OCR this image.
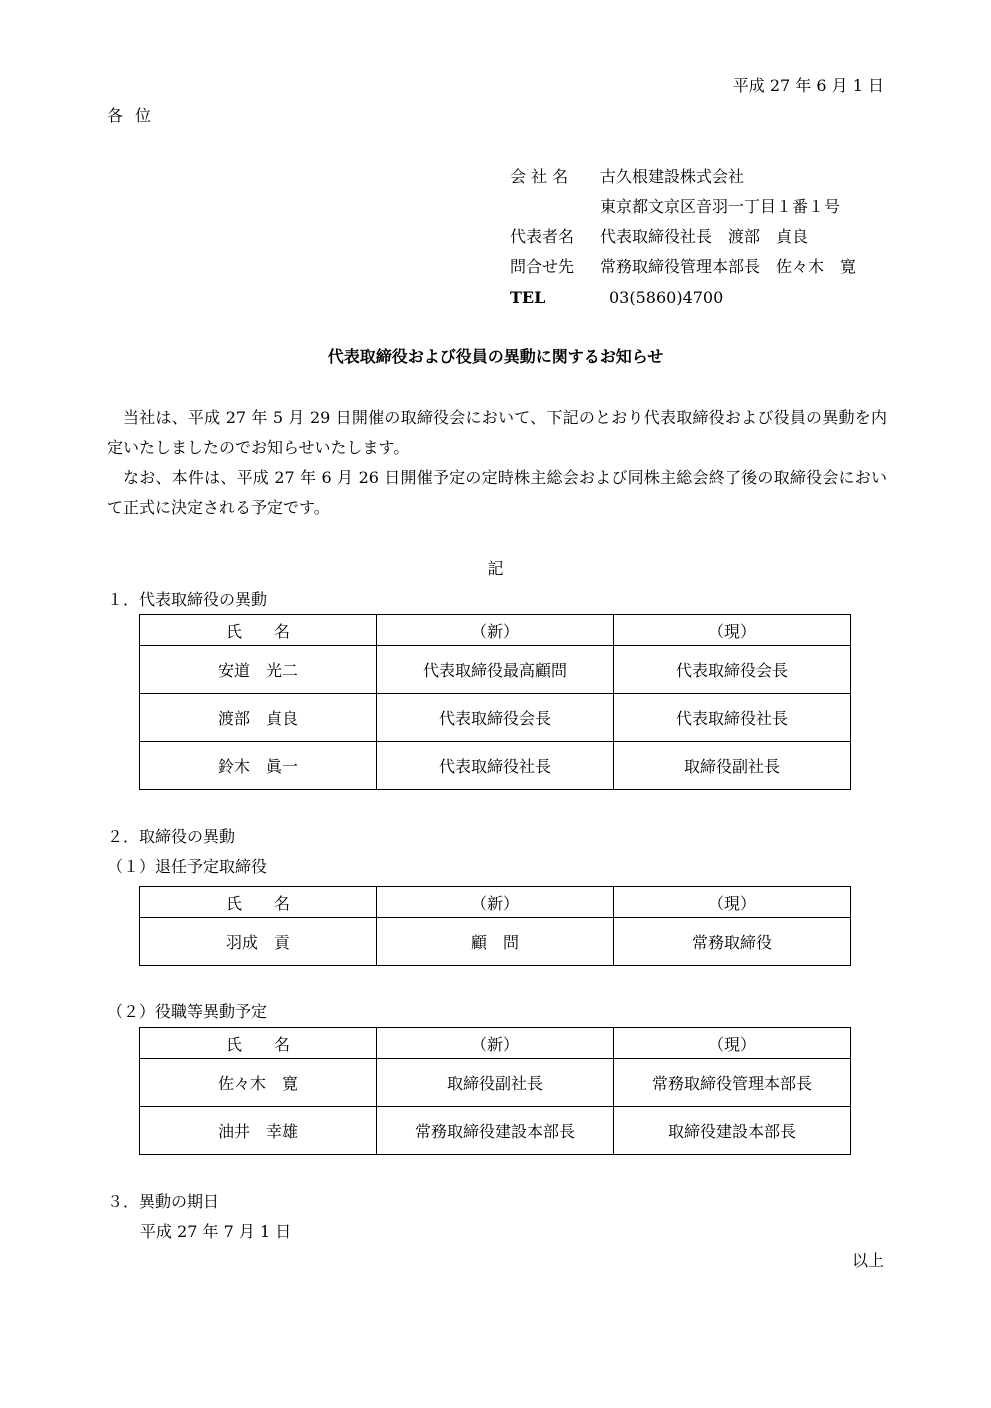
平成 27 年 6 月 1 日
各位
会 社 名 古久根建設株式会社
東京都文京区音羽一丁目１番１号
代表者名 代表取締役社長　渡部　貞良
問合せ先 常務取締役管理本部長　佐々木　寛
TEL	03(5860)4700
代表取締役および役員の異動に関するお知らせ
当社は、平成 27 年 5 月 29 日開催の取締役会において、下記のとおり代表取締役および役員の異動を内定いたしましたのでお知らせいたします。
なお、本件は、平成 27 年 6 月 26 日開催予定の定時株主総会および同株主総会終了後の取締役会において正式に決定される予定です。
記
１．代表取締役の異動
氏　　名	（新）	（現）
安道　光二	代表取締役最高顧問	代表取締役会長
渡部　貞良	代表取締役会長	代表取締役社長
鈴木　眞一	代表取締役社長	取締役副社長
２．取締役の異動
（１）退任予定取締役
氏　　名	（新）	（現）
羽成　貢	顧　問	常務取締役
（２）役職等異動予定
氏　　名	（新）	（現）
佐々木　寛	取締役副社長	常務取締役管理本部長
油井　幸雄	常務取締役建設本部長	取締役建設本部長
３．異動の期日
平成 27 年 7 月 1 日
以上
